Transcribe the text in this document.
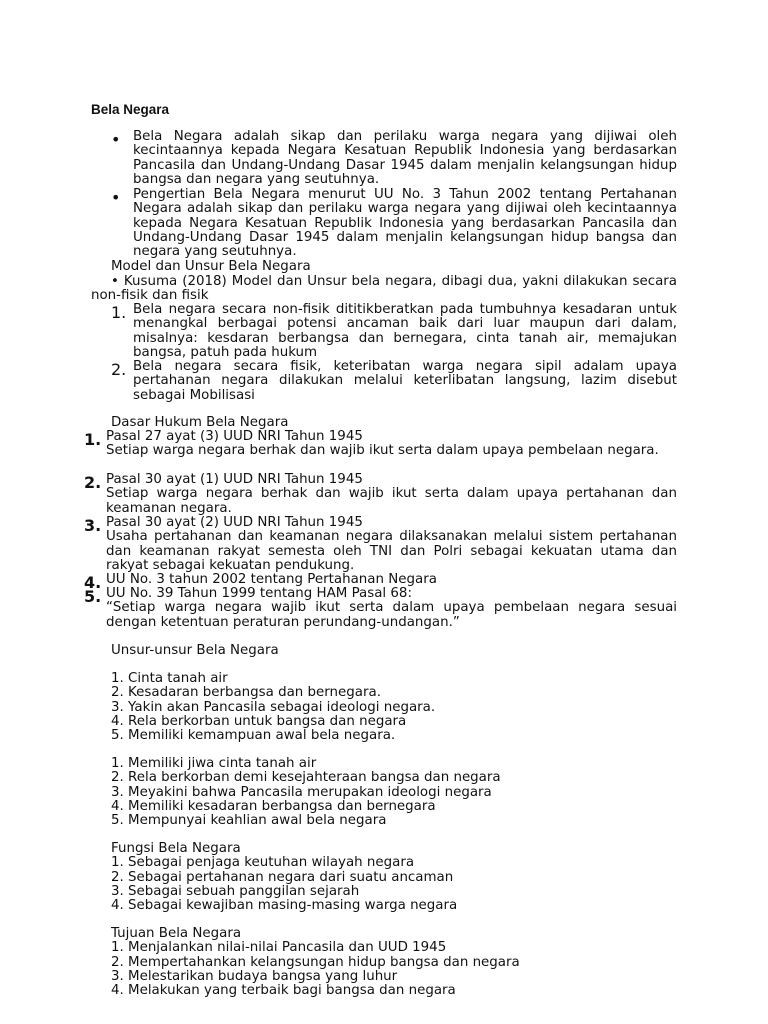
Bela Negara
• Bela Negara adalah sikap dan perilaku warga negara yang dijiwai oleh kecintaannya kepada Negara Kesatuan Republik Indonesia yang berdasarkan Pancasila dan Undang-Undang Dasar 1945 dalam menjalin kelangsungan hidup bangsa dan negara yang seutuhnya.
• Pengertian Bela Negara menurut UU No. 3 Tahun 2002 tentang Pertahanan Negara adalah sikap dan perilaku warga negara yang dijiwai oleh kecintaannya kepada Negara Kesatuan Republik Indonesia yang berdasarkan Pancasila dan Undang-Undang Dasar 1945 dalam menjalin kelangsungan hidup bangsa dan negara yang seutuhnya.
Model dan Unsur Bela Negara
• Kusuma (2018) Model dan Unsur bela negara, dibagi dua, yakni dilakukan secara non-fisik dan fisik
1. Bela negara secara non-fisik dititikberatkan pada tumbuhnya kesadaran untuk menangkal berbagai potensi ancaman baik dari luar maupun dari dalam, misalnya: kesdaran berbangsa dan bernegara, cinta tanah air, memajukan bangsa, patuh pada hukum
2. Bela negara secara fisik, keteribatan warga negara sipil adalam upaya pertahanan negara dilakukan melalui keterlibatan langsung, lazim disebut sebagai Mobilisasi
Dasar Hukum Bela Negara
1. Pasal 27 ayat (3) UUD NRI Tahun 1945
Setiap warga negara berhak dan wajib ikut serta dalam upaya pembelaan negara.
2. Pasal 30 ayat (1) UUD NRI Tahun 1945
Setiap warga negara berhak dan wajib ikut serta dalam upaya pertahanan dan keamanan negara.
3. Pasal 30 ayat (2) UUD NRI Tahun 1945
Usaha pertahanan dan keamanan negara dilaksanakan melalui sistem pertahanan dan keamanan rakyat semesta oleh TNI dan Polri sebagai kekuatan utama dan rakyat sebagai kekuatan pendukung.
4. UU No. 3 tahun 2002 tentang Pertahanan Negara
5. UU No. 39 Tahun 1999 tentang HAM Pasal 68:
“Setiap warga negara wajib ikut serta dalam upaya pembelaan negara sesuai dengan ketentuan peraturan perundang-undangan.”
Unsur-unsur Bela Negara
1. Cinta tanah air
2. Kesadaran berbangsa dan bernegara.
3. Yakin akan Pancasila sebagai ideologi negara.
4. Rela berkorban untuk bangsa dan negara
5. Memiliki kemampuan awal bela negara.
1. Memiliki jiwa cinta tanah air
2. Rela berkorban demi kesejahteraan bangsa dan negara
3. Meyakini bahwa Pancasila merupakan ideologi negara
4. Memiliki kesadaran berbangsa dan bernegara
5. Mempunyai keahlian awal bela negara
Fungsi Bela Negara
1. Sebagai penjaga keutuhan wilayah negara
2. Sebagai pertahanan negara dari suatu ancaman
3. Sebagai sebuah panggilan sejarah
4. Sebagai kewajiban masing-masing warga negara
Tujuan Bela Negara
1. Menjalankan nilai-nilai Pancasila dan UUD 1945
2. Mempertahankan kelangsungan hidup bangsa dan negara
3. Melestarikan budaya bangsa yang luhur
4. Melakukan yang terbaik bagi bangsa dan negara
